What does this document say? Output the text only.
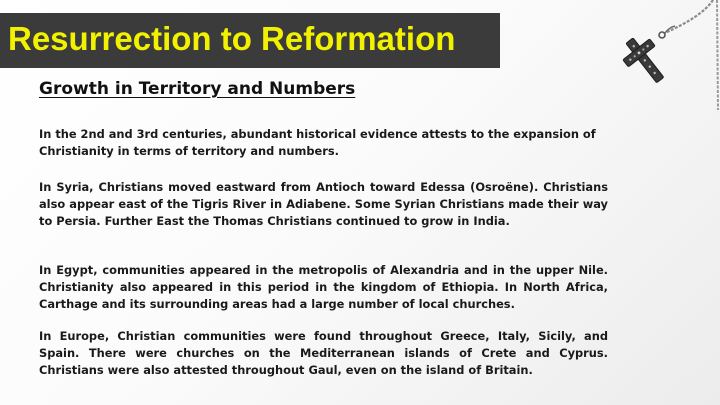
Resurrection to Reformation
Growth in Territory and Numbers

In the 2nd and 3rd centuries, abundant historical evidence attests to the expansion of Christianity in terms of territory and numbers.

In Syria, Christians moved eastward from Antioch toward Edessa (Osroëne). Christians also appear east of the Tigris River in Adiabene. Some Syrian Christians made their way to Persia. Further East the Thomas Christians continued to grow in India.

In Egypt, communities appeared in the metropolis of Alexandria and in the upper Nile. Christianity also appeared in this period in the kingdom of Ethiopia. In North Africa, Carthage and its surrounding areas had a large number of local churches.

In Europe, Christian communities were found throughout Greece, Italy, Sicily, and Spain. There were churches on the Mediterranean islands of Crete and Cyprus. Christians were also attested throughout Gaul, even on the island of Britain.
